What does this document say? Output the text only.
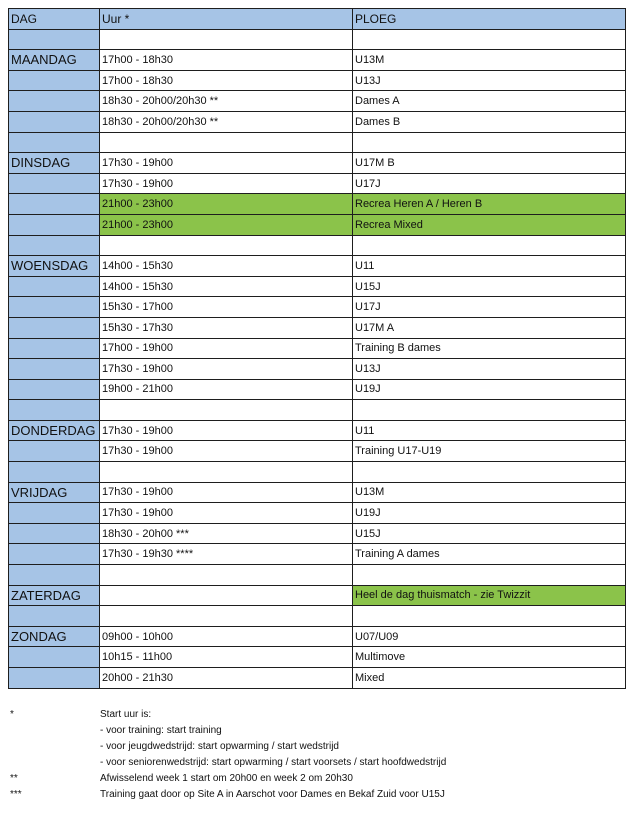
DAG	Uur *	PLOEG

MAANDAG	17h00 - 18h30	U13M
	17h00 - 18h30	U13J
	18h30 - 20h00/20h30 **	Dames A
	18h30 - 20h00/20h30 **	Dames B

DINSDAG	17h30 - 19h00	U17M B
	17h30 - 19h00	U17J
	21h00 - 23h00	Recrea Heren A / Heren B
	21h00 - 23h00	Recrea Mixed

WOENSDAG	14h00 - 15h30	U11
	14h00 - 15h30	U15J
	15h30 - 17h00	U17J
	15h30 - 17h30	U17M A
	17h00 - 19h00	Training B dames
	17h30 - 19h00	U13J
	19h00 - 21h00	U19J

DONDERDAG	17h30 - 19h00	U11
	17h30 - 19h00	Training U17-U19

VRIJDAG	17h30 - 19h00	U13M
	17h30 - 19h00	U19J
	18h30 - 20h00 ***	U15J
	17h30 - 19h30 ****	Training A dames

ZATERDAG		Heel de dag thuismatch - zie Twizzit

ZONDAG	09h00 - 10h00	U07/U09
	10h15 - 11h00	Multimove
	20h00 - 21h30	Mixed
*	Start uur is:
- voor training: start training
- voor jeugdwedstrijd: start opwarming / start wedstrijd
- voor seniorenwedstrijd: start opwarming / start voorsets / start hoofdwedstrijd
**	Afwisselend week 1 start om 20h00 en week 2 om 20h30
***	Training gaat door op Site A in Aarschot voor Dames en Bekaf Zuid voor U15J
